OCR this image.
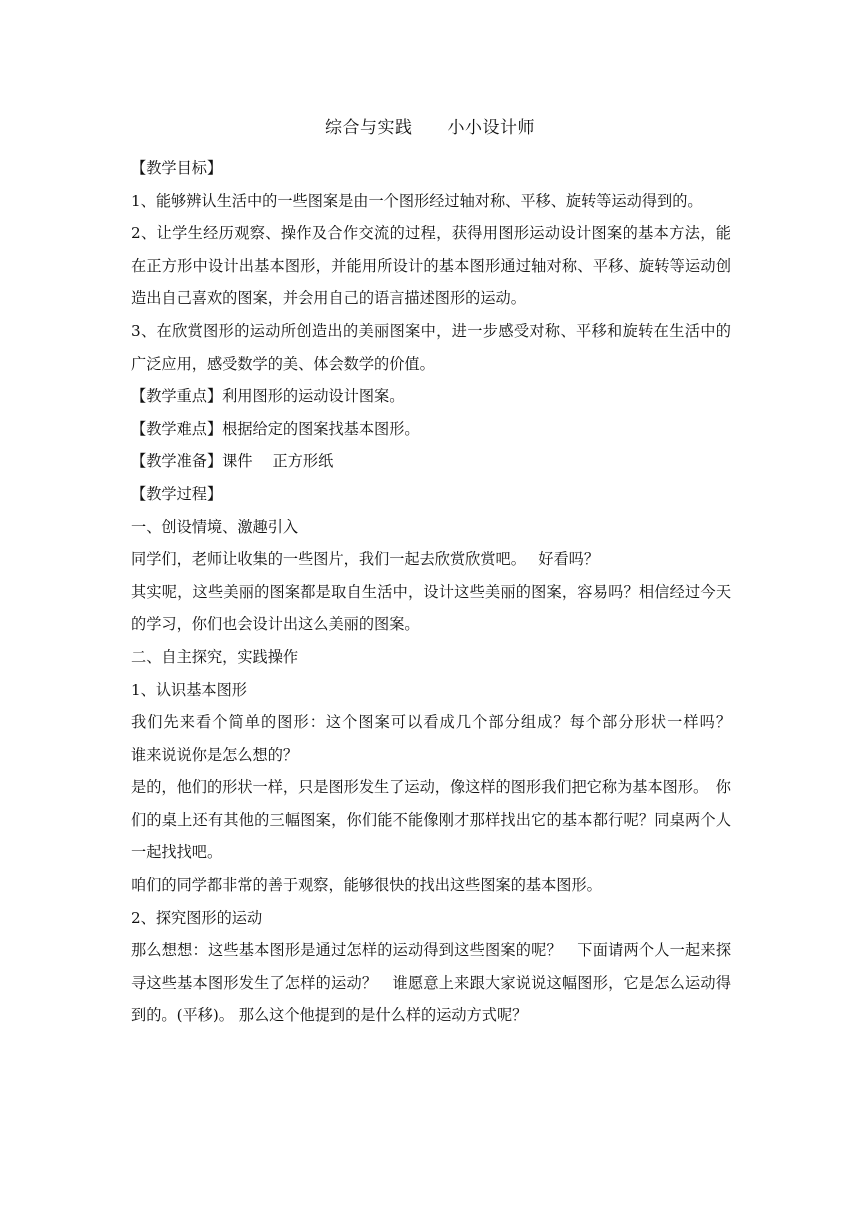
综合与实践　　小小设计师

【教学目标】

1、能够辨认生活中的一些图案是由一个图形经过轴对称、平移、旋转等运动得到的。

2、让学生经历观察、操作及合作交流的过程，获得用图形运动设计图案的基本方法，能在正方形中设计出基本图形，并能用所设计的基本图形通过轴对称、平移、旋转等运动创造出自己喜欢的图案，并会用自己的语言描述图形的运动。

3、在欣赏图形的运动所创造出的美丽图案中，进一步感受对称、平移和旋转在生活中的广泛应用，感受数学的美、体会数学的价值。

【教学重点】利用图形的运动设计图案。

【教学难点】根据给定的图案找基本图形。

【教学准备】课件　 正方形纸

【教学过程】

一、创设情境、激趣引入

同学们，老师让收集的一些图片，我们一起去欣赏欣赏吧。　 好看吗？

其实呢，这些美丽的图案都是取自生活中，设计这些美丽的图案，容易吗？相信经过今天的学习，你们也会设计出这么美丽的图案。

二、自主探究，实践操作

1、认识基本图形

我们先来看个简单的图形：这个图案可以看成几个部分组成？每个部分形状一样吗？　　 谁来说说你是怎么想的？

是的，他们的形状一样，只是图形发生了运动，像这样的图形我们把它称为基本图形。　你们的桌上还有其他的三幅图案，你们能不能像刚才那样找出它的基本都行呢？同桌两个人一起找找吧。

咱们的同学都非常的善于观察，能够很快的找出这些图案的基本图形。

2、探究图形的运动

那么想想：这些基本图形是通过怎样的运动得到这些图案的呢？　下面请两个人一起来探寻这些基本图形发生了怎样的运动？　谁愿意上来跟大家说说这幅图形，它是怎么运动得到的。(平移)。 那么这个他提到的是什么样的运动方式呢？
